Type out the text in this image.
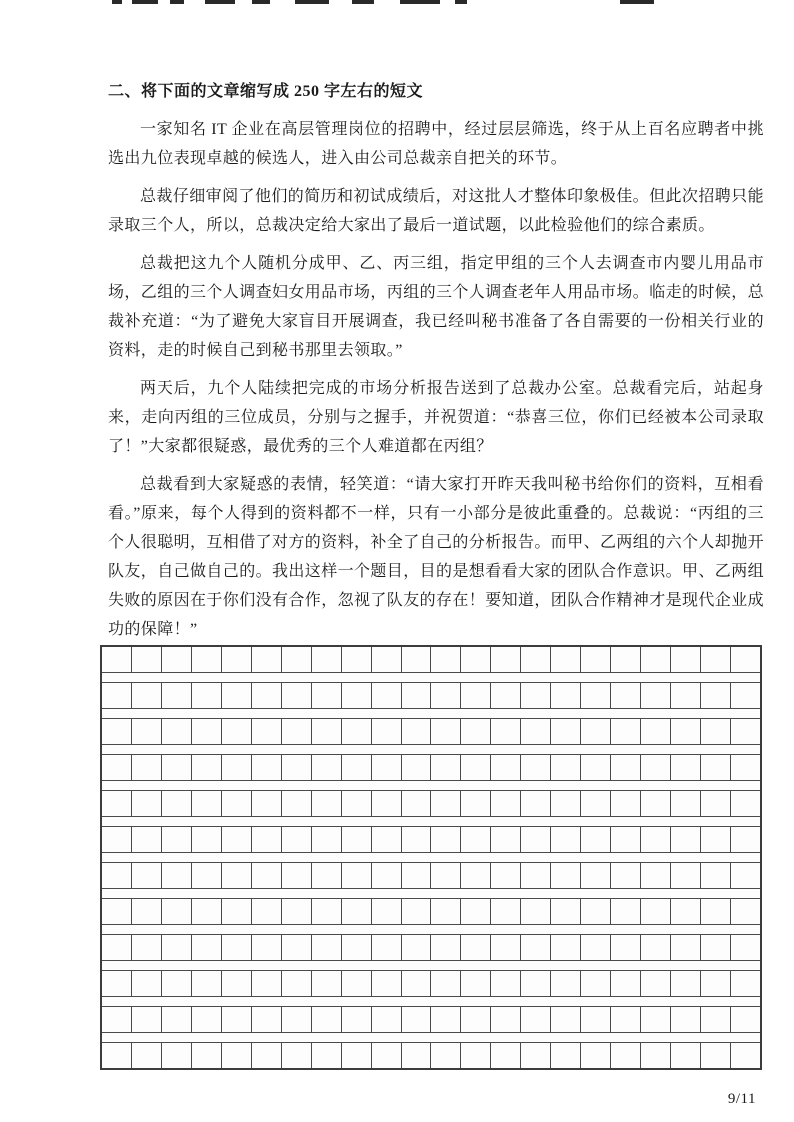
二、将下面的文章缩写成 250 字左右的短文

一家知名 IT 企业在高层管理岗位的招聘中，经过层层筛选，终于从上百名应聘者中挑选出九位表现卓越的候选人，进入由公司总裁亲自把关的环节。

总裁仔细审阅了他们的简历和初试成绩后，对这批人才整体印象极佳。但此次招聘只能录取三个人，所以，总裁决定给大家出了最后一道试题，以此检验他们的综合素质。

总裁把这九个人随机分成甲、乙、丙三组，指定甲组的三个人去调查市内婴儿用品市场，乙组的三个人调查妇女用品市场，丙组的三个人调查老年人用品市场。临走的时候，总裁补充道：“为了避免大家盲目开展调查，我已经叫秘书准备了各自需要的一份相关行业的资料，走的时候自己到秘书那里去领取。”

两天后，九个人陆续把完成的市场分析报告送到了总裁办公室。总裁看完后，站起身来，走向丙组的三位成员，分别与之握手，并祝贺道：“恭喜三位，你们已经被本公司录取了！”大家都很疑惑，最优秀的三个人难道都在丙组？

总裁看到大家疑惑的表情，轻笑道：“请大家打开昨天我叫秘书给你们的资料，互相看看。”原来，每个人得到的资料都不一样，只有一小部分是彼此重叠的。总裁说：“丙组的三个人很聪明，互相借了对方的资料，补全了自己的分析报告。而甲、乙两组的六个人却抛开队友，自己做自己的。我出这样一个题目，目的是想看看大家的团队合作意识。甲、乙两组失败的原因在于你们没有合作，忽视了队友的存在！要知道，团队合作精神才是现代企业成功的保障！”

9/11
